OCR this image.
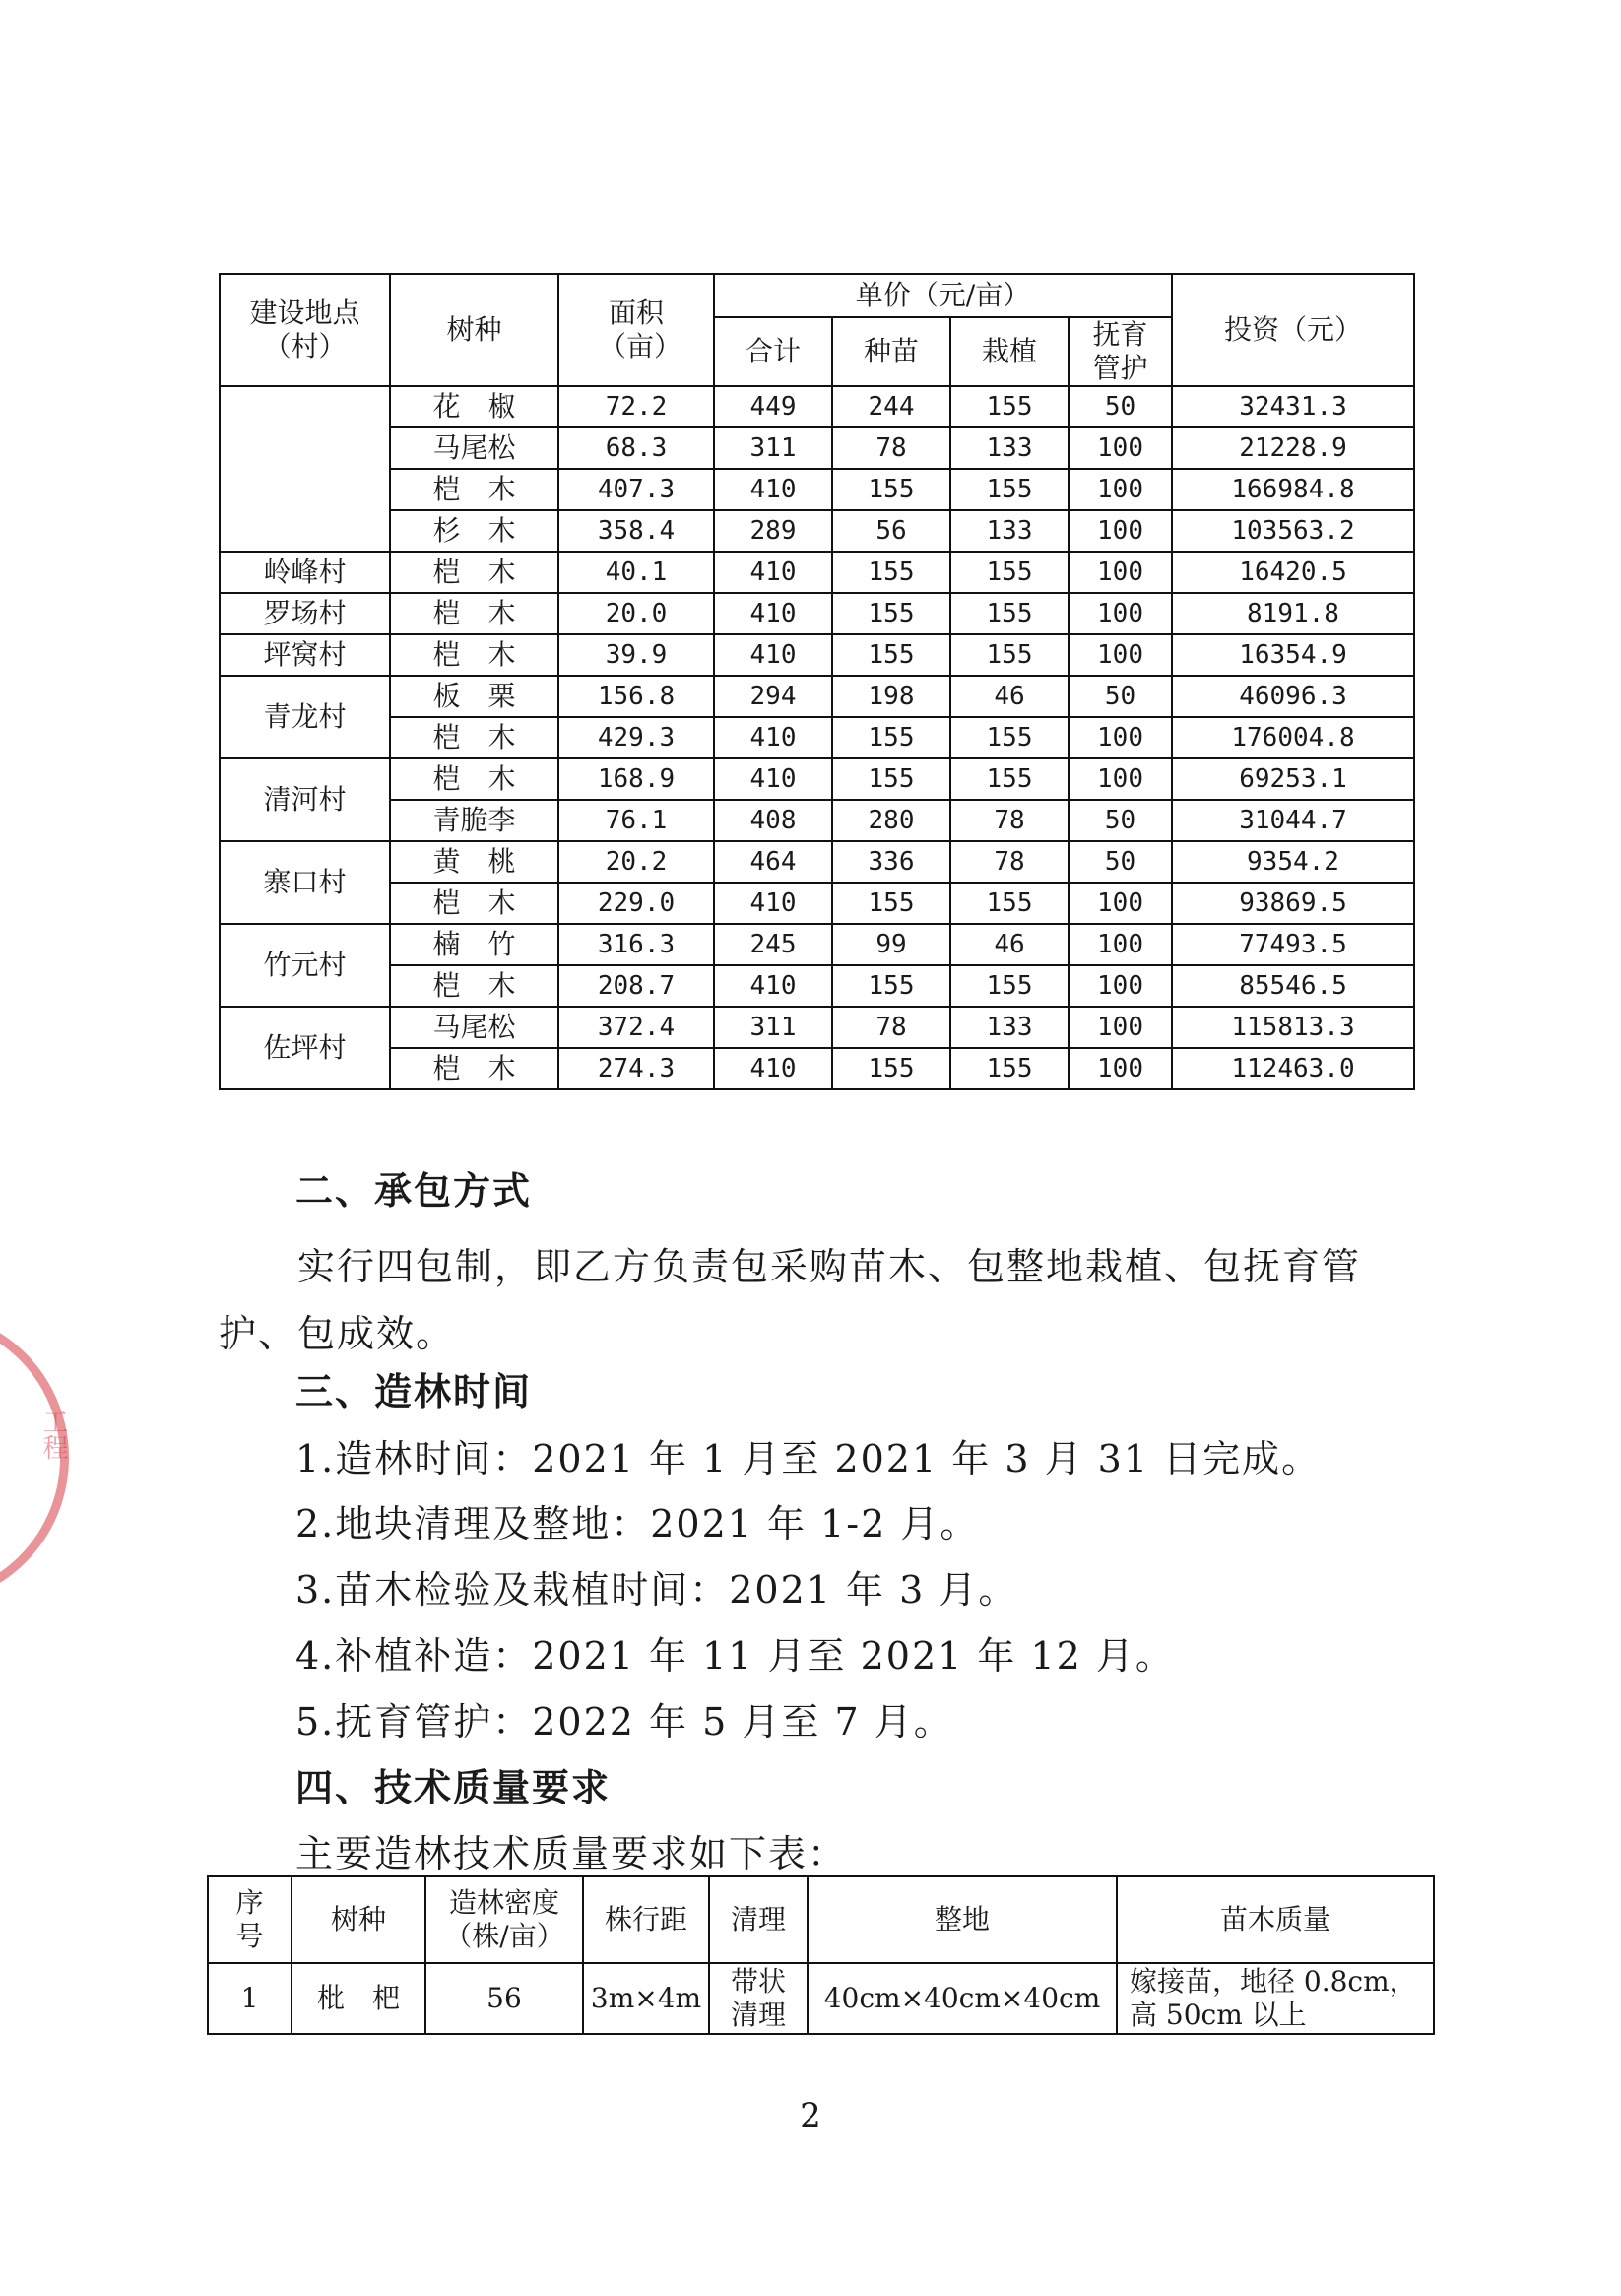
工程
建设地点（村）	树种	面积（亩）	单价（元/亩）				投资（元）
			合计	种苗	栽植	抚育管护	
	花　椒	72.2	449	244	155	50	32431.3
	马尾松	68.3	311	78	133	100	21228.9
	桤　木	407.3	410	155	155	100	166984.8
	杉　木	358.4	289	56	133	100	103563.2
岭峰村	桤　木	40.1	410	155	155	100	16420.5
罗场村	桤　木	20.0	410	155	155	100	8191.8
坪窝村	桤　木	39.9	410	155	155	100	16354.9
青龙村	板　栗	156.8	294	198	46	50	46096.3
	桤　木	429.3	410	155	155	100	176004.8
清河村	桤　木	168.9	410	155	155	100	69253.1
	青脆李	76.1	408	280	78	50	31044.7
寨口村	黄　桃	20.2	464	336	78	50	9354.2
	桤　木	229.0	410	155	155	100	93869.5
竹元村	楠　竹	316.3	245	99	46	100	77493.5
	桤　木	208.7	410	155	155	100	85546.5
佐坪村	马尾松	372.4	311	78	133	100	115813.3
	桤　木	274.3	410	155	155	100	112463.0
二、承包方式
实行四包制，即乙方负责包采购苗木、包整地栽植、包抚育管护、包成效。
三、造林时间
1.造林时间：2021 年 1 月至 2021 年 3 月 31 日完成。
2.地块清理及整地：2021 年 1-2 月。
3.苗木检验及栽植时间：2021 年 3 月。
4.补植补造：2021 年 11 月至 2021 年 12 月。
5.抚育管护：2022 年 5 月至 7 月。
四、技术质量要求
主要造林技术质量要求如下表：
序号	树种	造林密度（株/亩）	株行距	清理	整地	苗木质量
1	枇　杷	56	3m×4m	带状清理	40cm×40cm×40cm	嫁接苗，地径 0.8cm，高 50cm 以上
2
